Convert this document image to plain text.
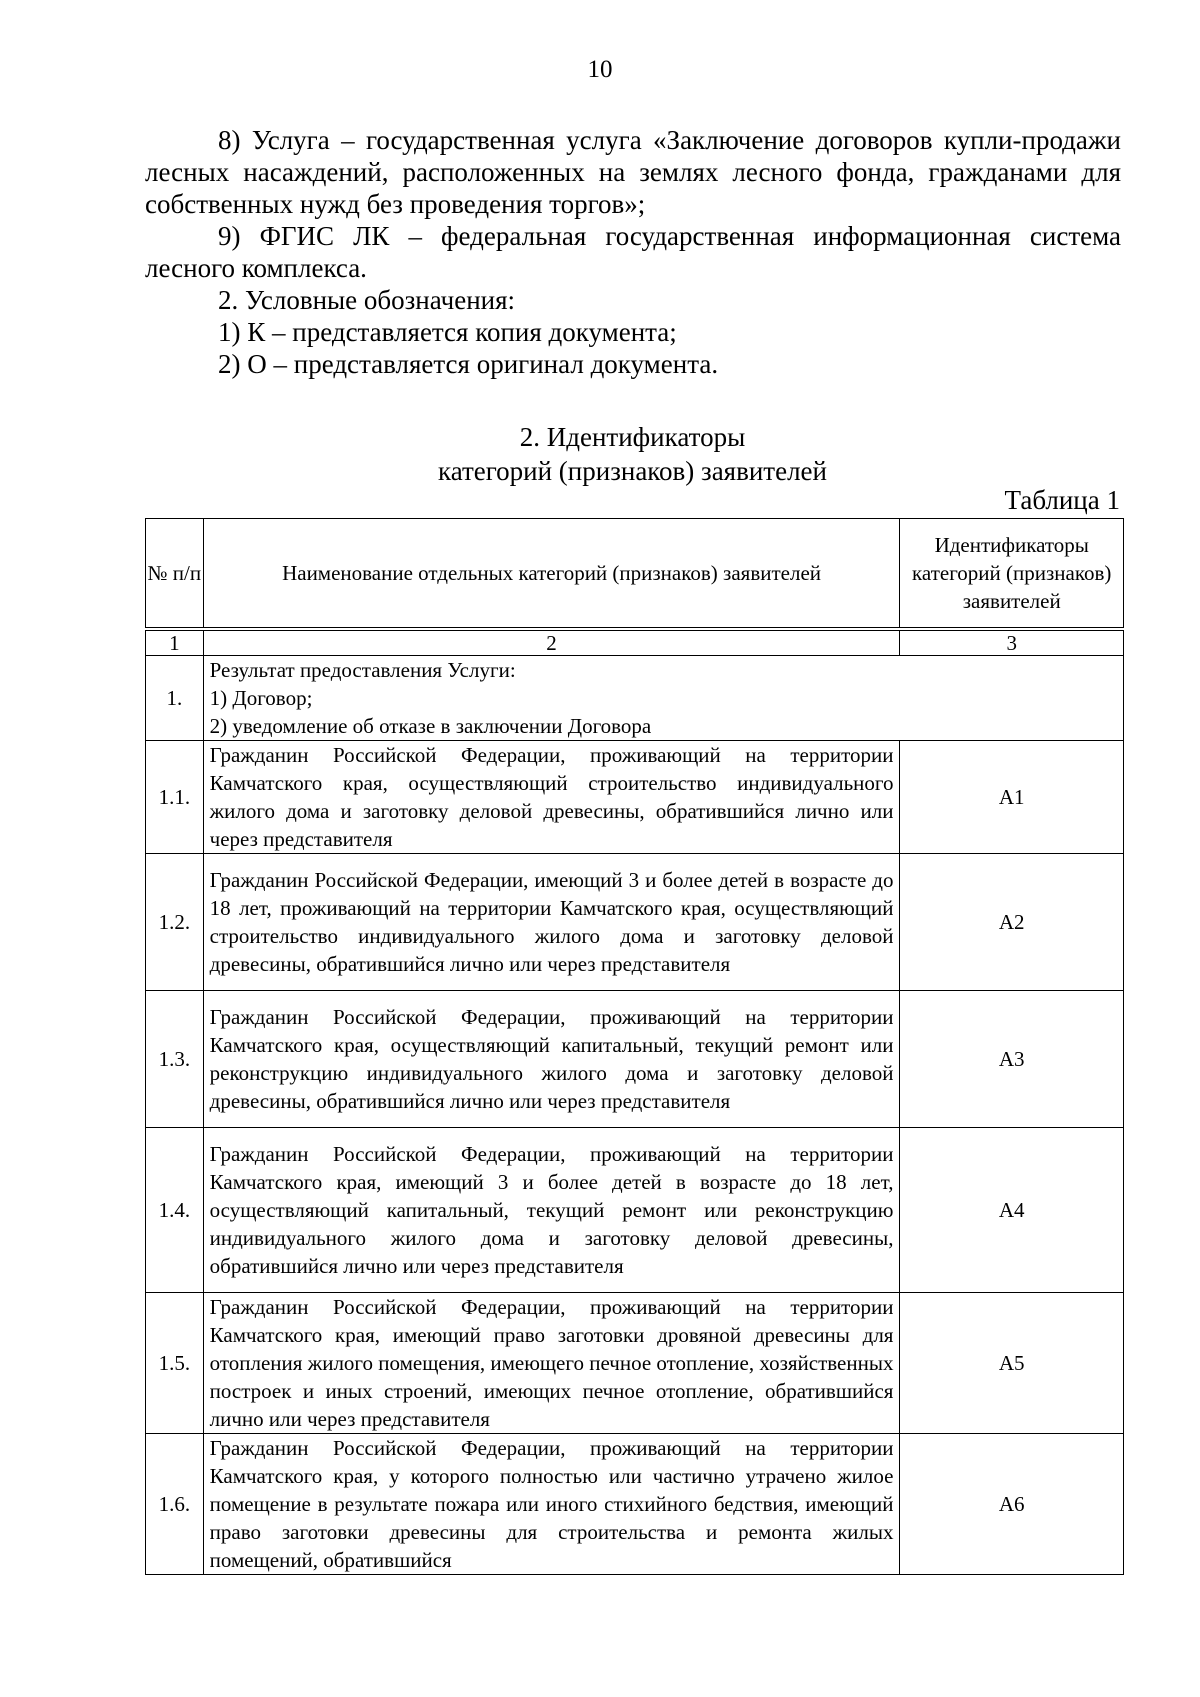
10

8) Услуга – государственная услуга «Заключение договоров купли-продажи лесных насаждений, расположенных на землях лесного фонда, гражданами для собственных нужд без проведения торгов»;

9) ФГИС ЛК – федеральная государственная информационная система лесного комплекса.

2. Условные обозначения:

1) К – представляется копия документа;

2) О – представляется оригинал документа.

2. Идентификаторы
категорий (признаков) заявителей
Таблица 1
№ п/п	Наименование отдельных категорий (признаков) заявителей	Идентификаторы категорий (признаков) заявителей
1	2	3
1.	Результат предоставления Услуги:
1) Договор;
2) уведомление об отказе в заключении Договора	

1.1.	Гражданин Российской Федерации, проживающий на территории Камчатского края, осуществляющий строительство индивидуального жилого дома и заготовку деловой древесины, обратившийся лично или через представителя	А1
1.2.	Гражданин Российской Федерации, имеющий 3 и более детей в возрасте до 18 лет, проживающий на территории Камчатского края, осуществляющий строительство индивидуального жилого дома и заготовку деловой древесины, обратившийся лично или через представителя	А2
1.3.	Гражданин Российской Федерации, проживающий на территории Камчатского края, осуществляющий капитальный, текущий ремонт или реконструкцию индивидуального жилого дома и заготовку деловой древесины, обратившийся лично или через представителя	А3
1.4.	Гражданин Российской Федерации, проживающий на территории Камчатского края, имеющий 3 и более детей в возрасте до 18 лет, осуществляющий капитальный, текущий ремонт или реконструкцию индивидуального жилого дома и заготовку деловой древесины, обратившийся лично или через представителя	А4
1.5.	Гражданин Российской Федерации, проживающий на территории Камчатского края, имеющий право заготовки дровяной древесины для отопления жилого помещения, имеющего печное отопление, хозяйственных построек и иных строений, имеющих печное отопление, обратившийся лично или через представителя	А5
1.6.	Гражданин Российской Федерации, проживающий на территории Камчатского края, у которого полностью или частично утрачено жилое помещение в результате пожара или иного стихийного бедствия, имеющий право заготовки древесины для строительства и ремонта жилых помещений, обратившийся	А6
